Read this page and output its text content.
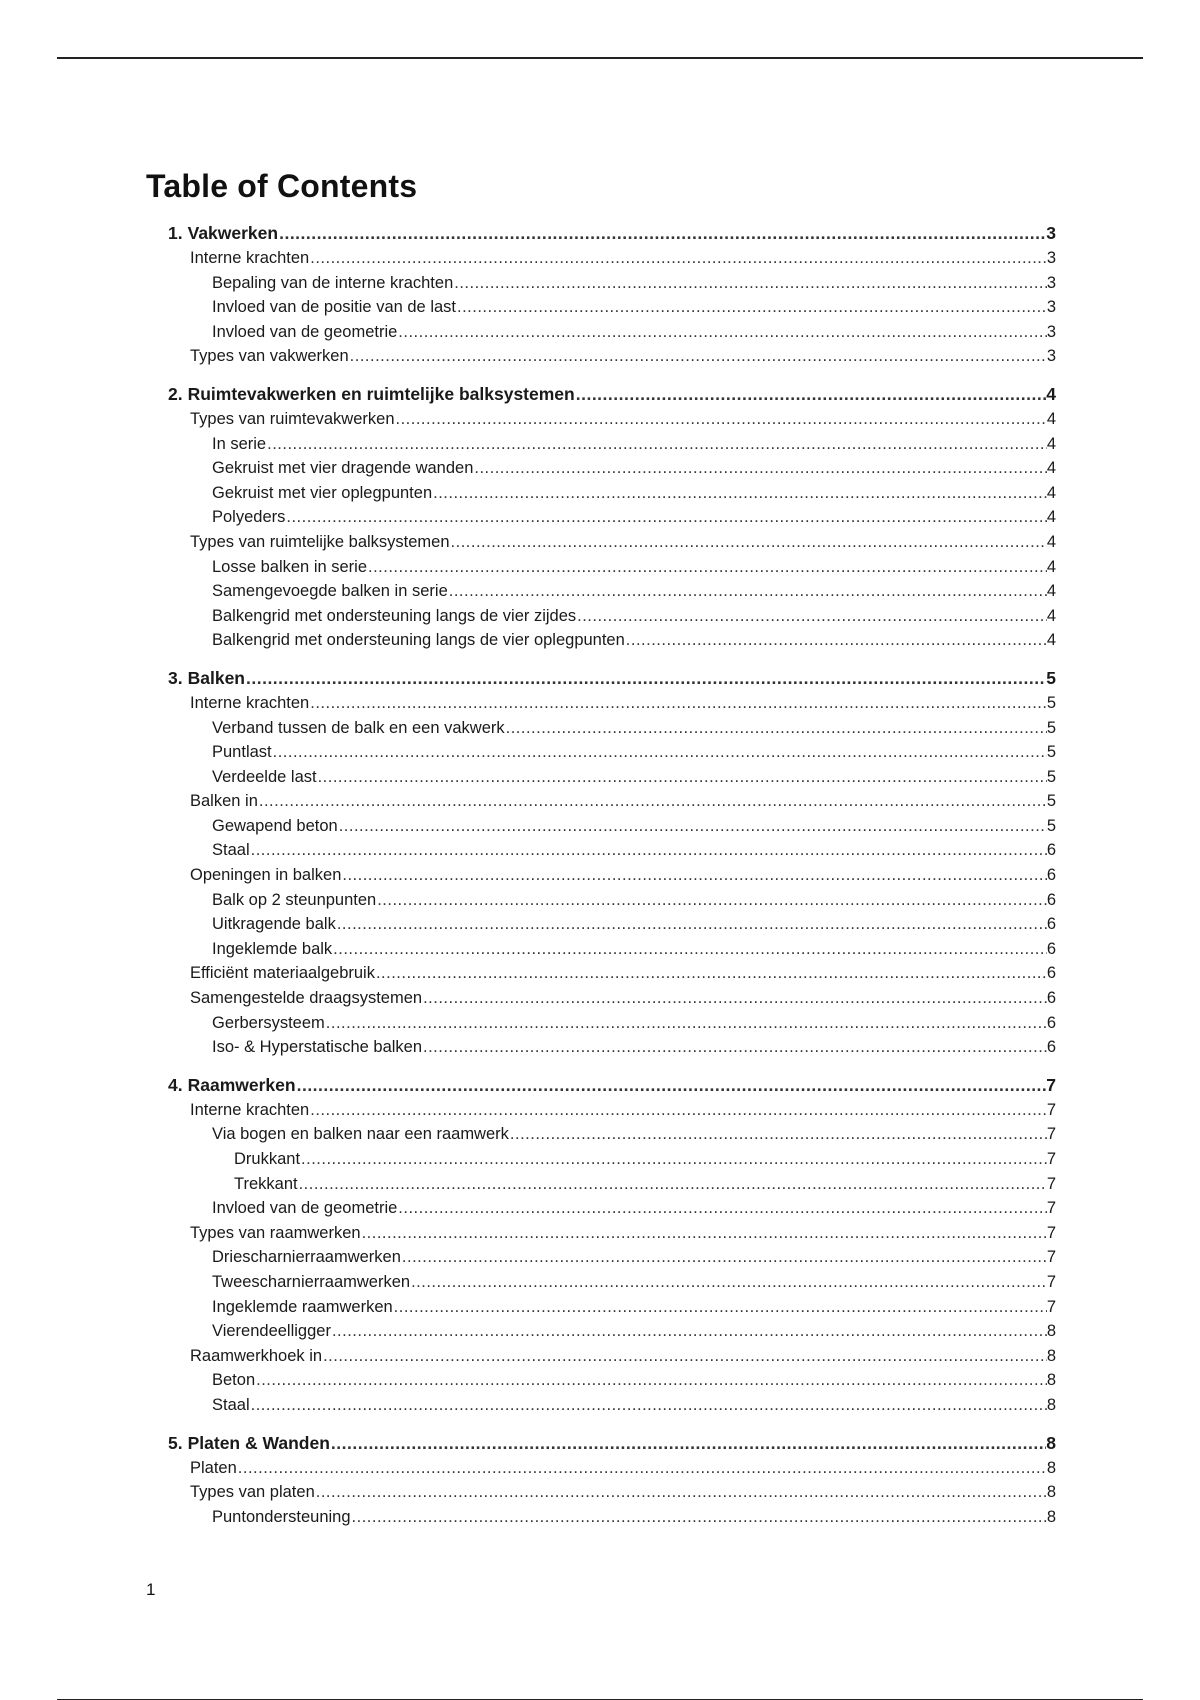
Table of Contents
1. Vakwerken .....	3
Interne krachten .....	3
Bepaling van de interne krachten .....	3
Invloed van de positie van de last .....	3
Invloed van de geometrie .....	3
Types van vakwerken .....	3
2. Ruimtevakwerken en ruimtelijke balksystemen .....	4
Types van ruimtevakwerken .....	4
In serie .....	4
Gekruist met vier dragende wanden .....	4
Gekruist met vier oplegpunten .....	4
Polyeders .....	4
Types van ruimtelijke balksystemen .....	4
Losse balken in serie .....	4
Samengevoegde balken in serie .....	4
Balkengrid met ondersteuning langs de vier zijdes .....	4
Balkengrid met ondersteuning langs de vier oplegpunten .....	4
3. Balken .....	5
Interne krachten .....	5
Verband tussen de balk en een vakwerk .....	5
Puntlast .....	5
Verdeelde last .....	5
Balken in .....	5
Gewapend beton .....	5
Staal .....	6
Openingen in balken .....	6
Balk op 2 steunpunten .....	6
Uitkragende balk .....	6
Ingeklemde balk .....	6
Efficiënt materiaalgebruik .....	6
Samengestelde draagsystemen .....	6
Gerbersysteem .....	6
Iso- & Hyperstatische balken .....	6
4. Raamwerken .....	7
Interne krachten .....	7
Via bogen en balken naar een raamwerk .....	7
Drukkant .....	7
Trekkant .....	7
Invloed van de geometrie .....	7
Types van raamwerken .....	7
Driescharnierraamwerken .....	7
Tweescharnierraamwerken .....	7
Ingeklemde raamwerken .....	7
Vierendeelligger .....	8
Raamwerkhoek in .....	8
Beton .....	8
Staal .....	8
5. Platen & Wanden .....	8
Platen .....	8
Types van platen .....	8
Puntondersteuning .....	8
1
